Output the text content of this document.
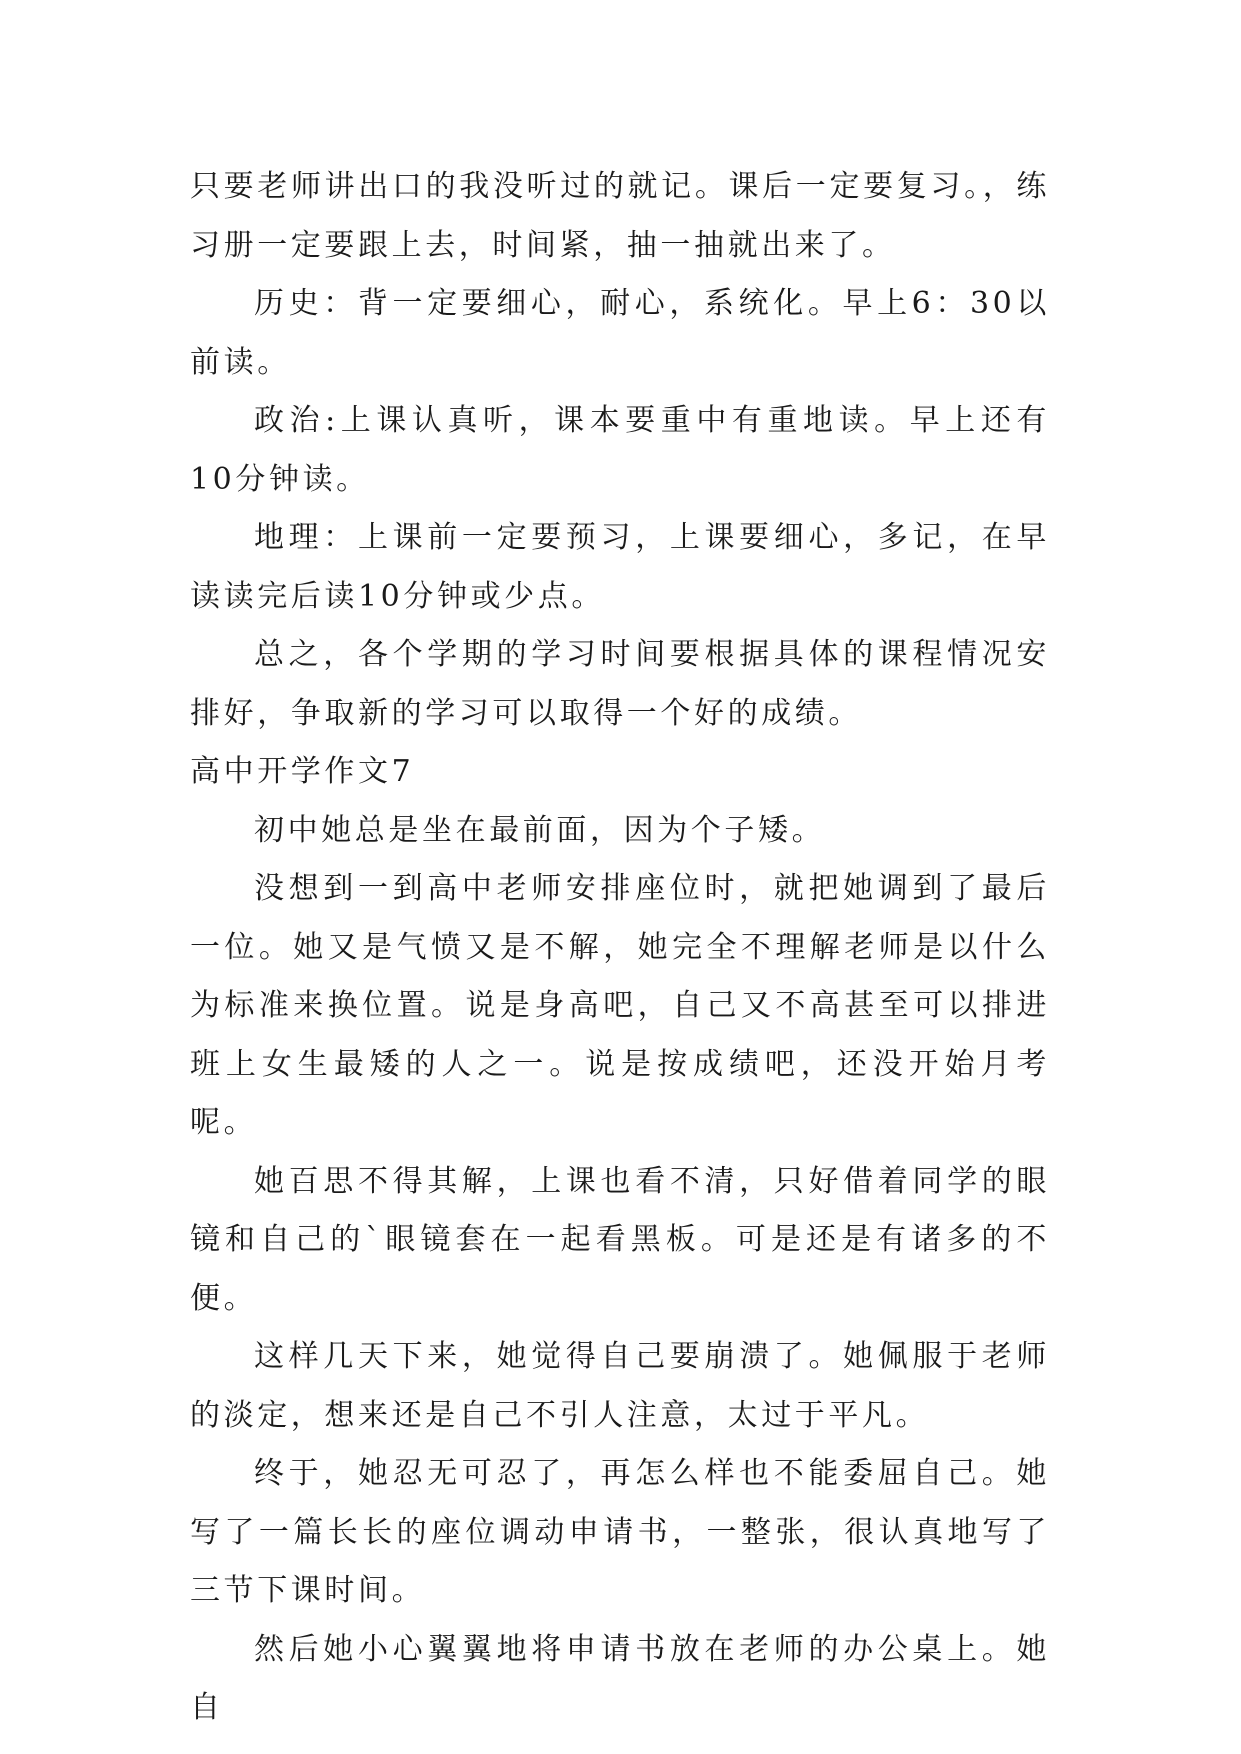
只要老师讲出口的我没听过的就记。课后一定要复习。，练习册一定要跟上去，时间紧，抽一抽就出来了。

历史：背一定要细心，耐心，系统化。早上6：30以前读。

政治:上课认真听，课本要重中有重地读。早上还有10分钟读。

地理：上课前一定要预习，上课要细心，多记，在早读读完后读10分钟或少点。

总之，各个学期的学习时间要根据具体的课程情况安排好，争取新的学习可以取得一个好的成绩。

高中开学作文7

初中她总是坐在最前面，因为个子矮。

没想到一到高中老师安排座位时，就把她调到了最后一位。她又是气愤又是不解，她完全不理解老师是以什么为标准来换位置。说是身高吧，自己又不高甚至可以排进班上女生最矮的人之一。说是按成绩吧，还没开始月考呢。

她百思不得其解，上课也看不清，只好借着同学的眼镜和自己的`眼镜套在一起看黑板。可是还是有诸多的不便。

这样几天下来，她觉得自己要崩溃了。她佩服于老师的淡定，想来还是自己不引人注意，太过于平凡。

终于，她忍无可忍了，再怎么样也不能委屈自己。她写了一篇长长的座位调动申请书，一整张，很认真地写了三节下课时间。

然后她小心翼翼地将申请书放在老师的办公桌上。她自
